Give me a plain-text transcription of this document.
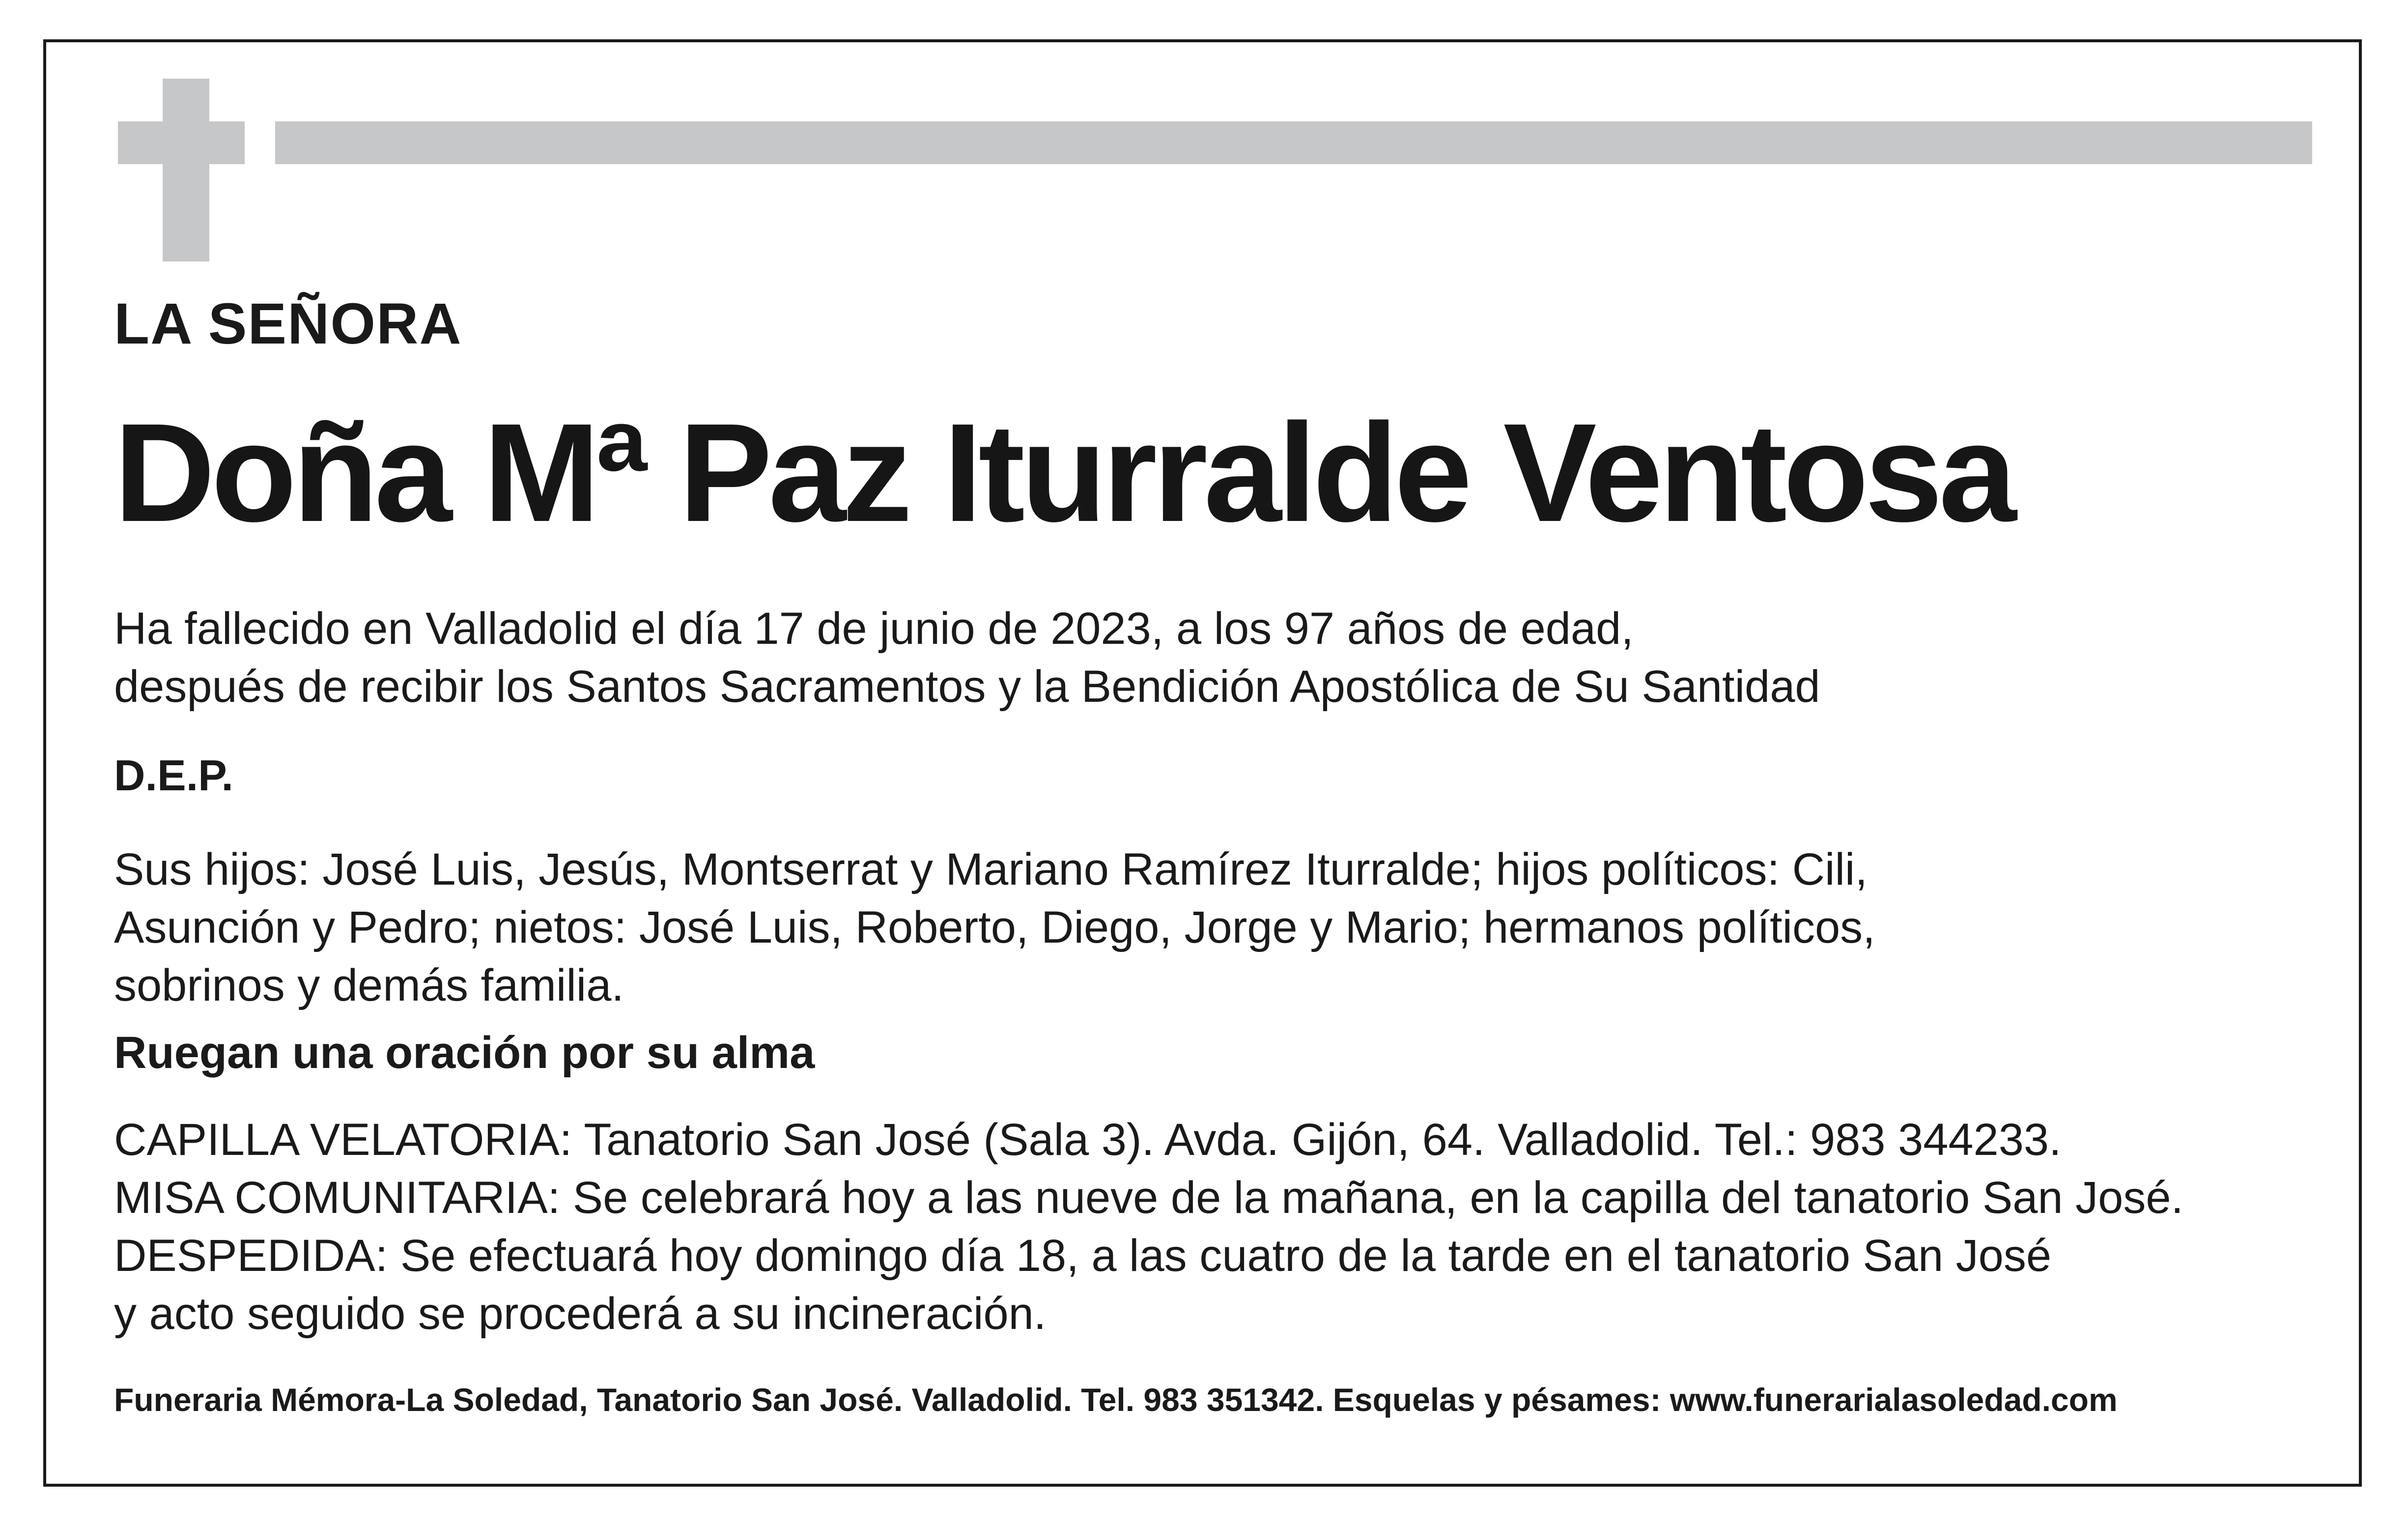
LA SEÑORA
Doña Mª Paz Iturralde Ventosa
Ha fallecido en Valladolid el día 17 de junio de 2023, a los 97 años de edad,
después de recibir los Santos Sacramentos y la Bendición Apostólica de Su Santidad
D.E.P.
Sus hijos: José Luis, Jesús, Montserrat y Mariano Ramírez Iturralde; hijos políticos: Cili,
Asunción y Pedro; nietos: José Luis, Roberto, Diego, Jorge y Mario; hermanos políticos,
sobrinos y demás familia.
Ruegan una oración por su alma
CAPILLA VELATORIA: Tanatorio San José (Sala 3). Avda. Gijón, 64. Valladolid. Tel.: 983 344233.
MISA COMUNITARIA: Se celebrará hoy a las nueve de la mañana, en la capilla del tanatorio San José.
DESPEDIDA: Se efectuará hoy domingo día 18, a las cuatro de la tarde en el tanatorio San José
y acto seguido se procederá a su incineración.
Funeraria Mémora-La Soledad, Tanatorio San José. Valladolid. Tel. 983 351342. Esquelas y pésames: www.funerarialasoledad.com
